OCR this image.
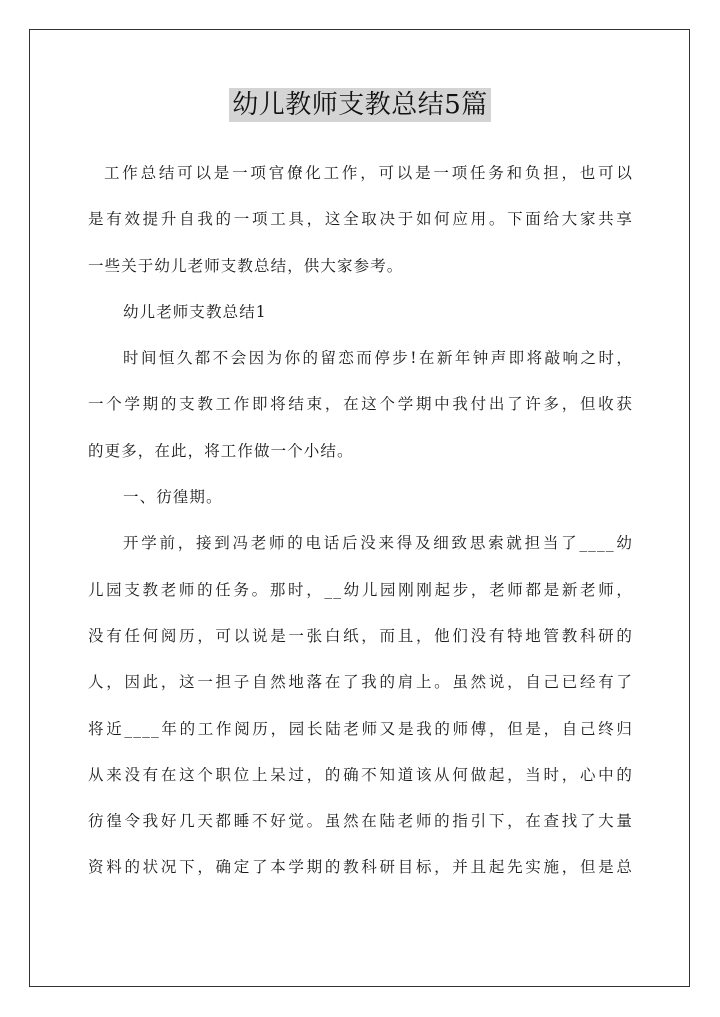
幼儿教师支教总结5篇
工作总结可以是一项官僚化工作，可以是一项任务和负担，也可以
是有效提升自我的一项工具，这全取决于如何应用。下面给大家共享
一些关于幼儿老师支教总结，供大家参考。
幼儿老师支教总结1
时间恒久都不会因为你的留恋而停步!在新年钟声即将敲响之时，
一个学期的支教工作即将结束，在这个学期中我付出了许多，但收获
的更多，在此，将工作做一个小结。
一、彷徨期。
开学前，接到冯老师的电话后没来得及细致思索就担当了____幼
儿园支教老师的任务。那时，__幼儿园刚刚起步，老师都是新老师，
没有任何阅历，可以说是一张白纸，而且，他们没有特地管教科研的
人，因此，这一担子自然地落在了我的肩上。虽然说，自己已经有了
将近____年的工作阅历，园长陆老师又是我的师傅，但是，自己终归
从来没有在这个职位上呆过，的确不知道该从何做起，当时，心中的
彷徨令我好几天都睡不好觉。虽然在陆老师的指引下，在查找了大量
资料的状况下，确定了本学期的教科研目标，并且起先实施，但是总
